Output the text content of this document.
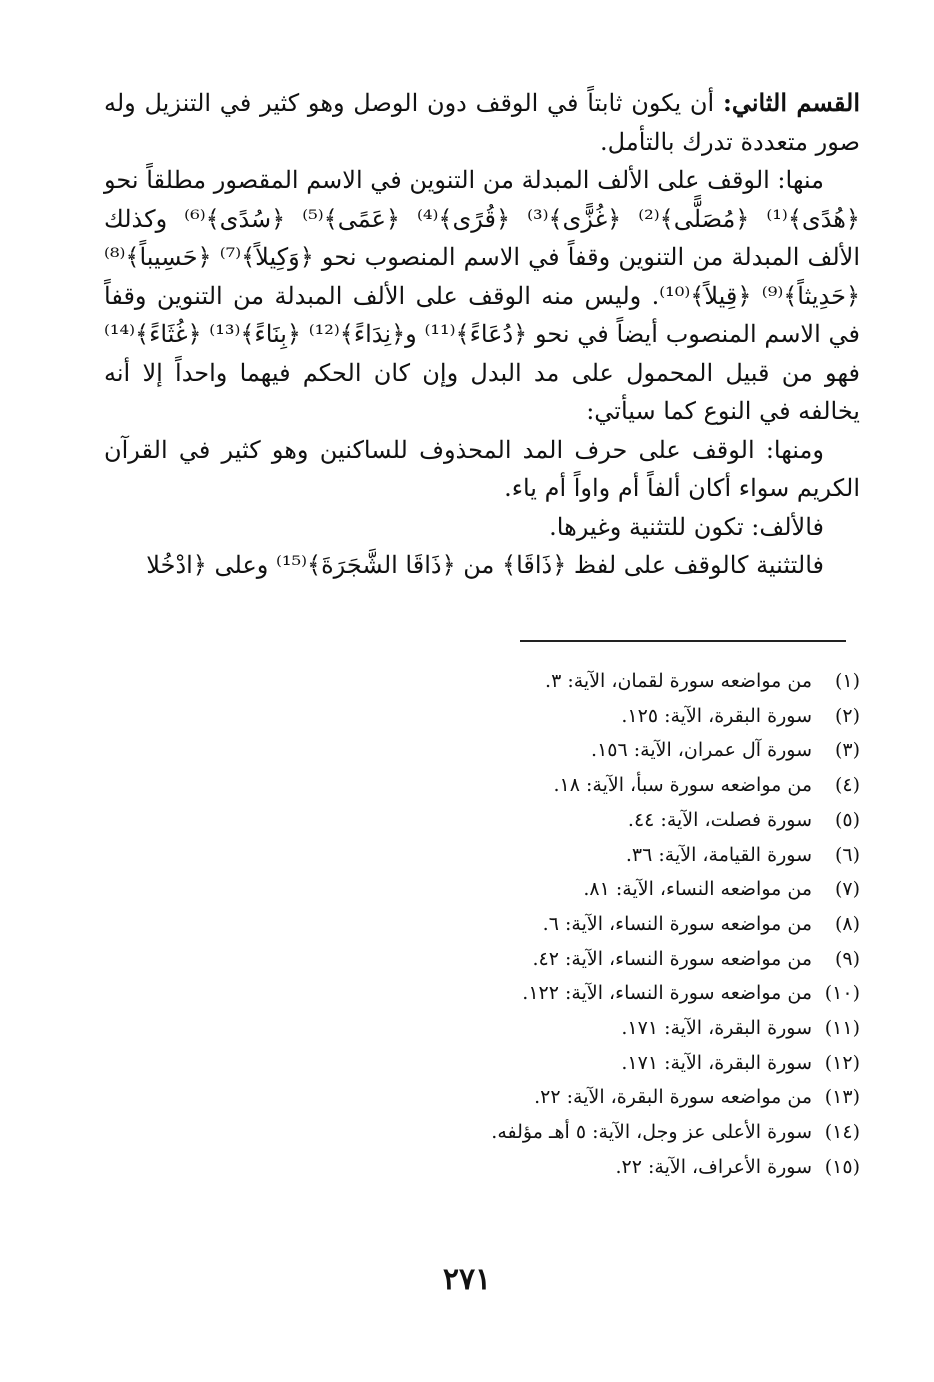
القسم الثاني: أن يكون ثابتاً في الوقف دون الوصل وهو كثير في التنزيل وله صور متعددة تدرك بالتأمل.

منها: الوقف على الألف المبدلة من التنوين في الاسم المقصور مطلقاً نحو ﴿هُدًى﴾⁽¹⁾ ﴿مُصَلًّى﴾⁽²⁾ ﴿غُزًّى﴾⁽³⁾ ﴿قُرًى﴾⁽⁴⁾ ﴿عَمًى﴾⁽⁵⁾ ﴿سُدًى﴾⁽⁶⁾ وكذلك الألف المبدلة من التنوين وقفاً في الاسم المنصوب نحو ﴿وَكِيلاً﴾⁽⁷⁾ ﴿حَسِيباً﴾⁽⁸⁾ ﴿حَدِيثاً﴾⁽⁹⁾ ﴿قِيلاً﴾⁽¹⁰⁾. وليس منه الوقف على الألف المبدلة من التنوين وقفاً في الاسم المنصوب أيضاً في نحو ﴿دُعَاءً﴾⁽¹¹⁾ و﴿نِدَاءً﴾⁽¹²⁾ ﴿بِنَاءً﴾⁽¹³⁾ ﴿غُثَاءً﴾⁽¹⁴⁾ فهو من قبيل المحمول على مد البدل وإن كان الحكم فيهما واحداً إلا أنه يخالفه في النوع كما سيأتي:

ومنها: الوقف على حرف المد المحذوف للساكنين وهو كثير في القرآن الكريم سواء أكان ألفاً أم واواً أم ياء.

فالألف: تكون للتثنية وغيرها.

فالتثنية كالوقف على لفظ ﴿ذَاقَا﴾ من ﴿ذَاقَا الشَّجَرَةَ﴾⁽¹⁵⁾ وعلى ﴿ادْخُلا

(١)
من مواضعه سورة لقمان، الآية: ٣.
(٢)
سورة البقرة، الآية: ١٢٥.
(٣)
سورة آل عمران، الآية: ١٥٦.
(٤)
من مواضعه سورة سبأ، الآية: ١٨.
(٥)
سورة فصلت، الآية: ٤٤.
(٦)
سورة القيامة، الآية: ٣٦.
(٧)
من مواضعه النساء، الآية: ٨١.
(٨)
من مواضعه سورة النساء، الآية: ٦.
(٩)
من مواضعه سورة النساء، الآية: ٤٢.
(١٠)
من مواضعه سورة النساء، الآية: ١٢٢.
(١١)
سورة البقرة، الآية: ١٧١.
(١٢)
سورة البقرة، الآية: ١٧١.
(١٣)
من مواضعه سورة البقرة، الآية: ٢٢.
(١٤)
سورة الأعلى عز وجل، الآية: ٥ أهـ مؤلفه.
(١٥)
سورة الأعراف، الآية: ٢٢.
٢٧١
